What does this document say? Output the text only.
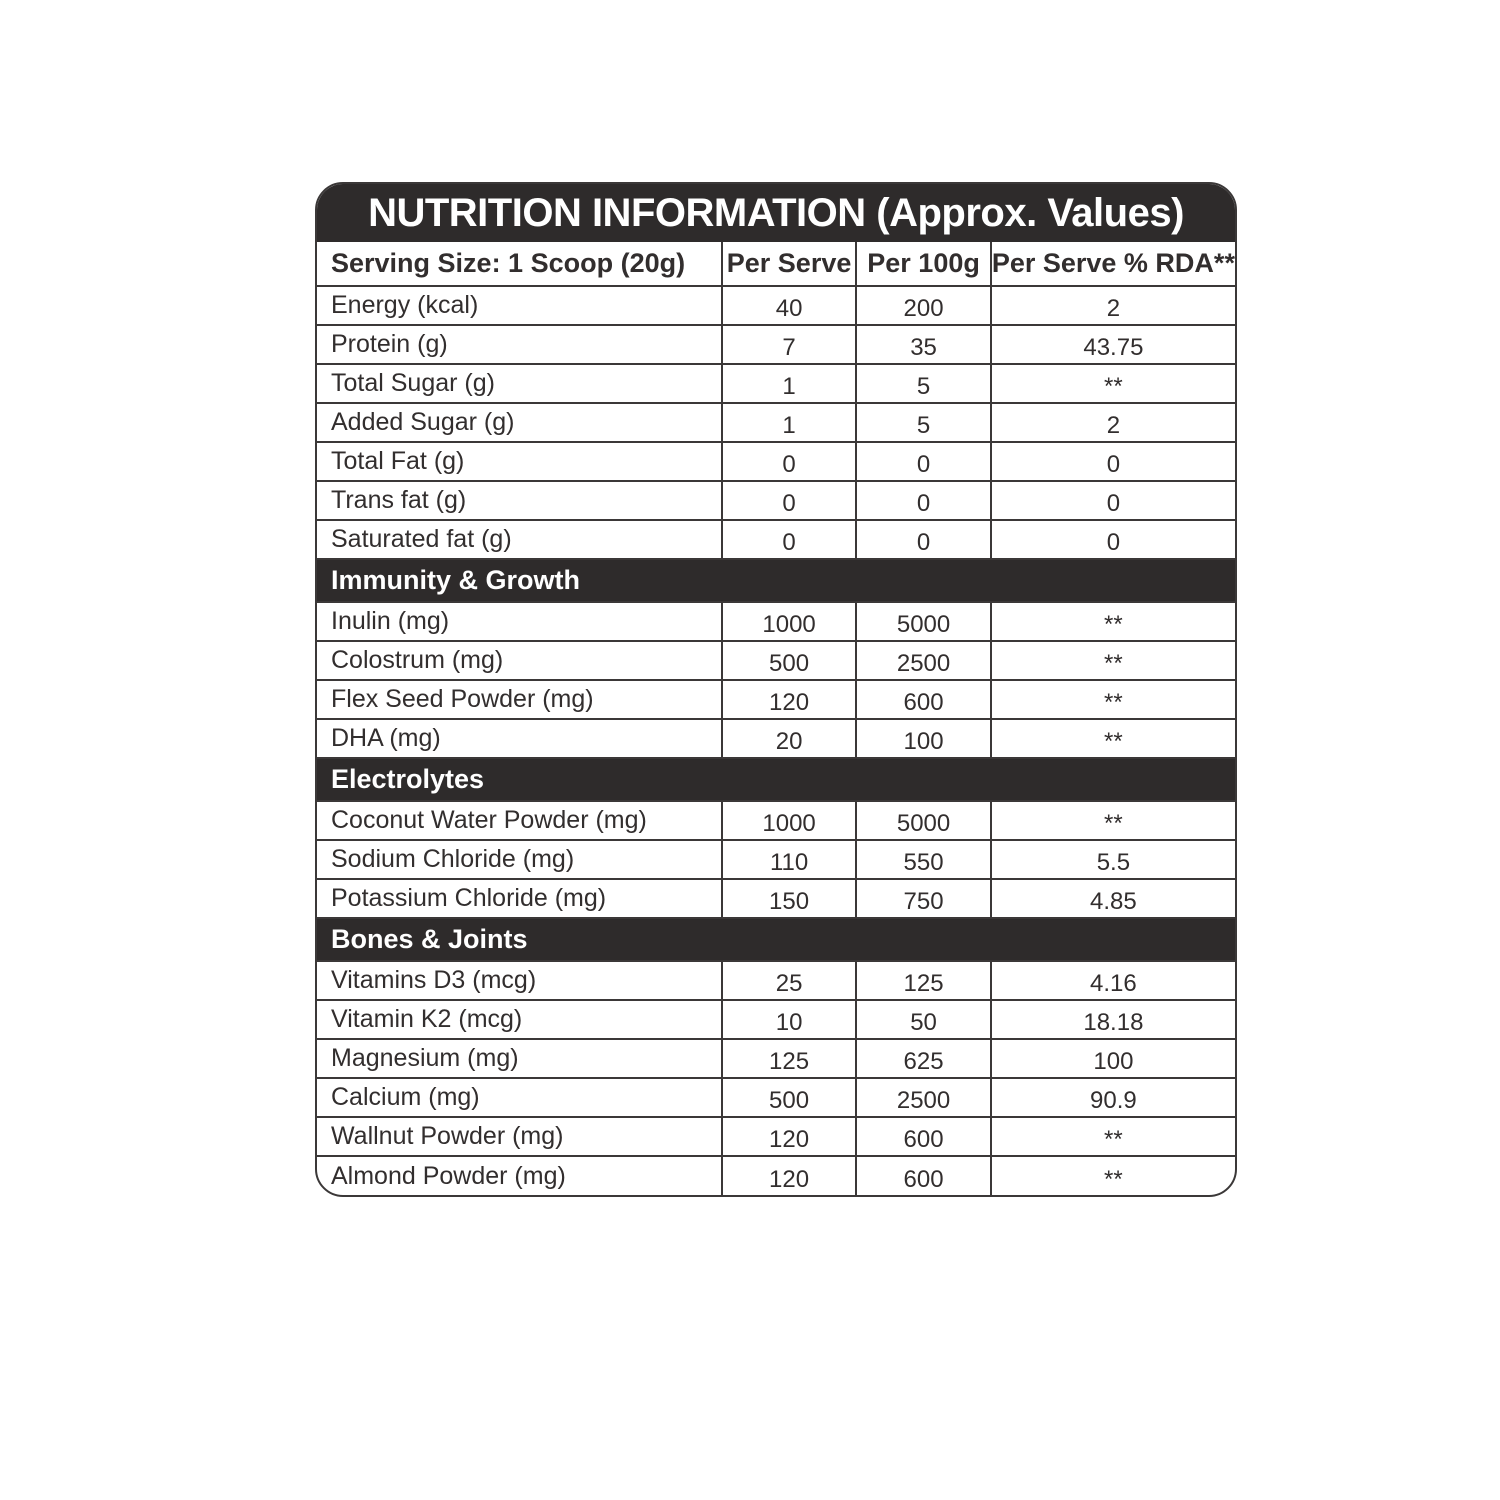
NUTRITION INFORMATION (Approx. Values)
Serving Size: 1 Scoop (20g)	Per Serve	Per 100g	Per Serve % RDA**
Energy (kcal)	40	200	2
Protein (g)	7	35	43.75
Total Sugar (g)	1	5	**
Added Sugar (g)	1	5	2
Total Fat (g)	0	0	0
Trans fat (g)	0	0	0
Saturated fat (g)	0	0	0
Immunity & Growth			
Inulin (mg)	1000	5000	**
Colostrum (mg)	500	2500	**
Flex Seed Powder (mg)	120	600	**
DHA (mg)	20	100	**
Electrolytes			
Coconut Water Powder (mg)	1000	5000	**
Sodium Chloride (mg)	110	550	5.5
Potassium Chloride (mg)	150	750	4.85
Bones & Joints			
Vitamins D3 (mcg)	25	125	4.16
Vitamin K2 (mcg)	10	50	18.18
Magnesium (mg)	125	625	100
Calcium (mg)	500	2500	90.9
Wallnut Powder (mg)	120	600	**
Almond Powder (mg)	120	600	**
